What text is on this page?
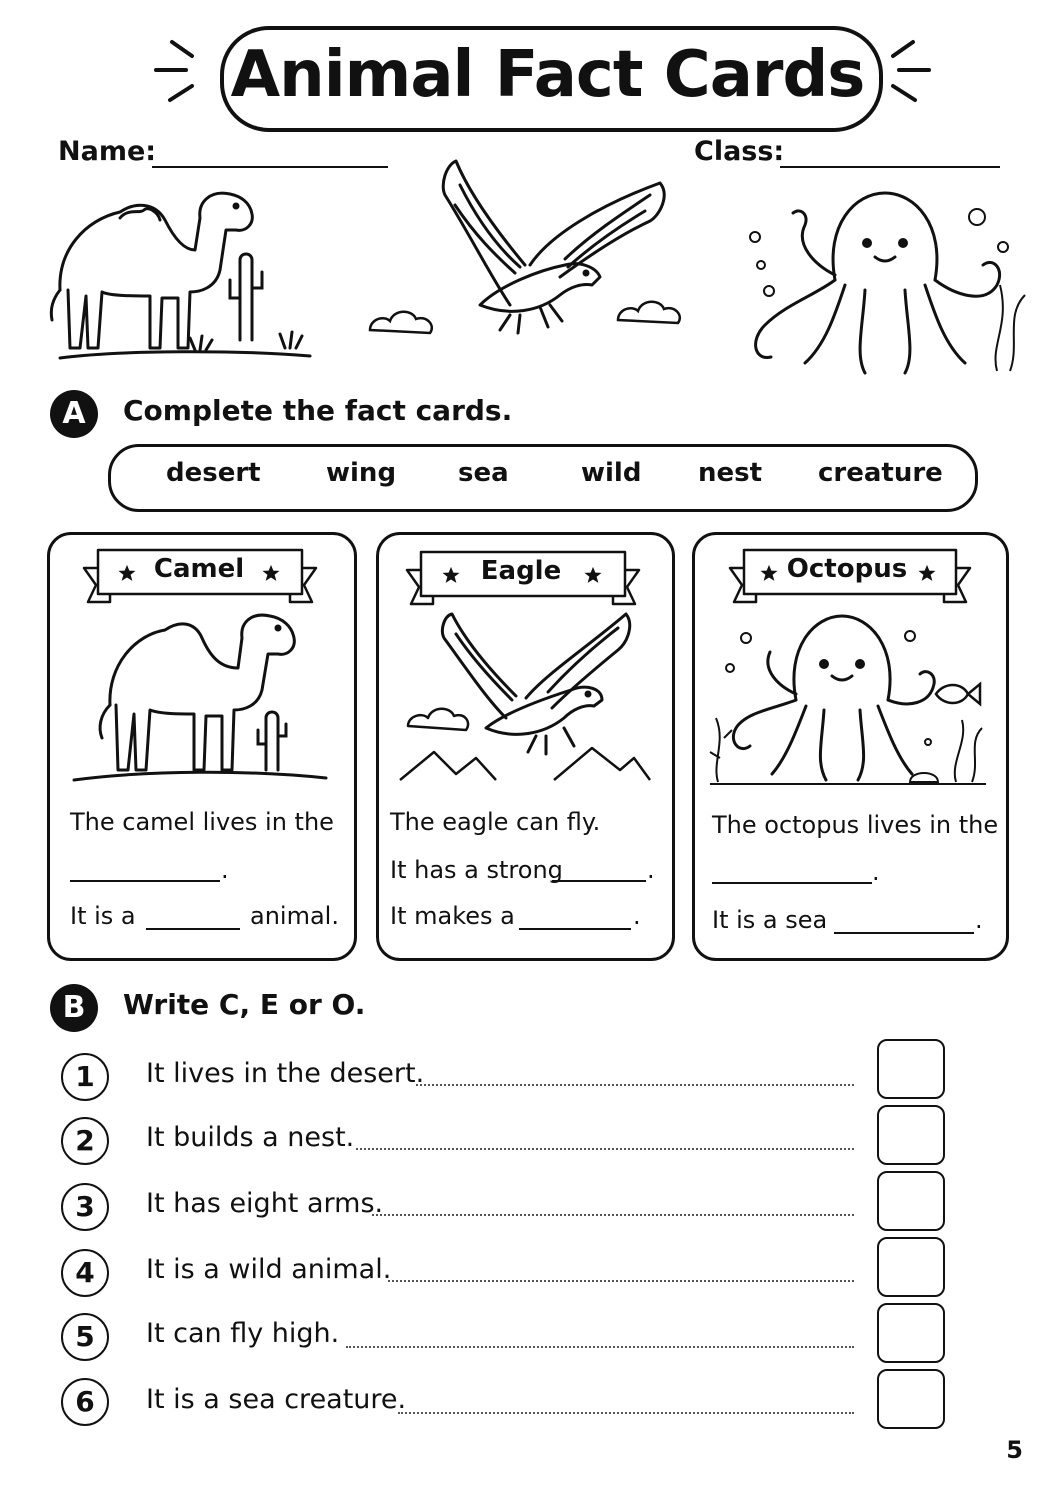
Animal Fact Cards
Name:	Class:
A	Complete the fact cards.
desert	wing sea	wild nest creature
Camel
The camel lives in the
.
It is a	animal.
Eagle
The eagle can fly.
It has a strong	.
It makes a	.
Octopus
The octopus lives in the
.
It is a sea	.
B	Write C, E or O.
1	It lives in the desert.
2	It builds a nest.
3	It has eight arms.
4	It is a wild animal.
5	It can fly high.
6	It is a sea creature.
5
